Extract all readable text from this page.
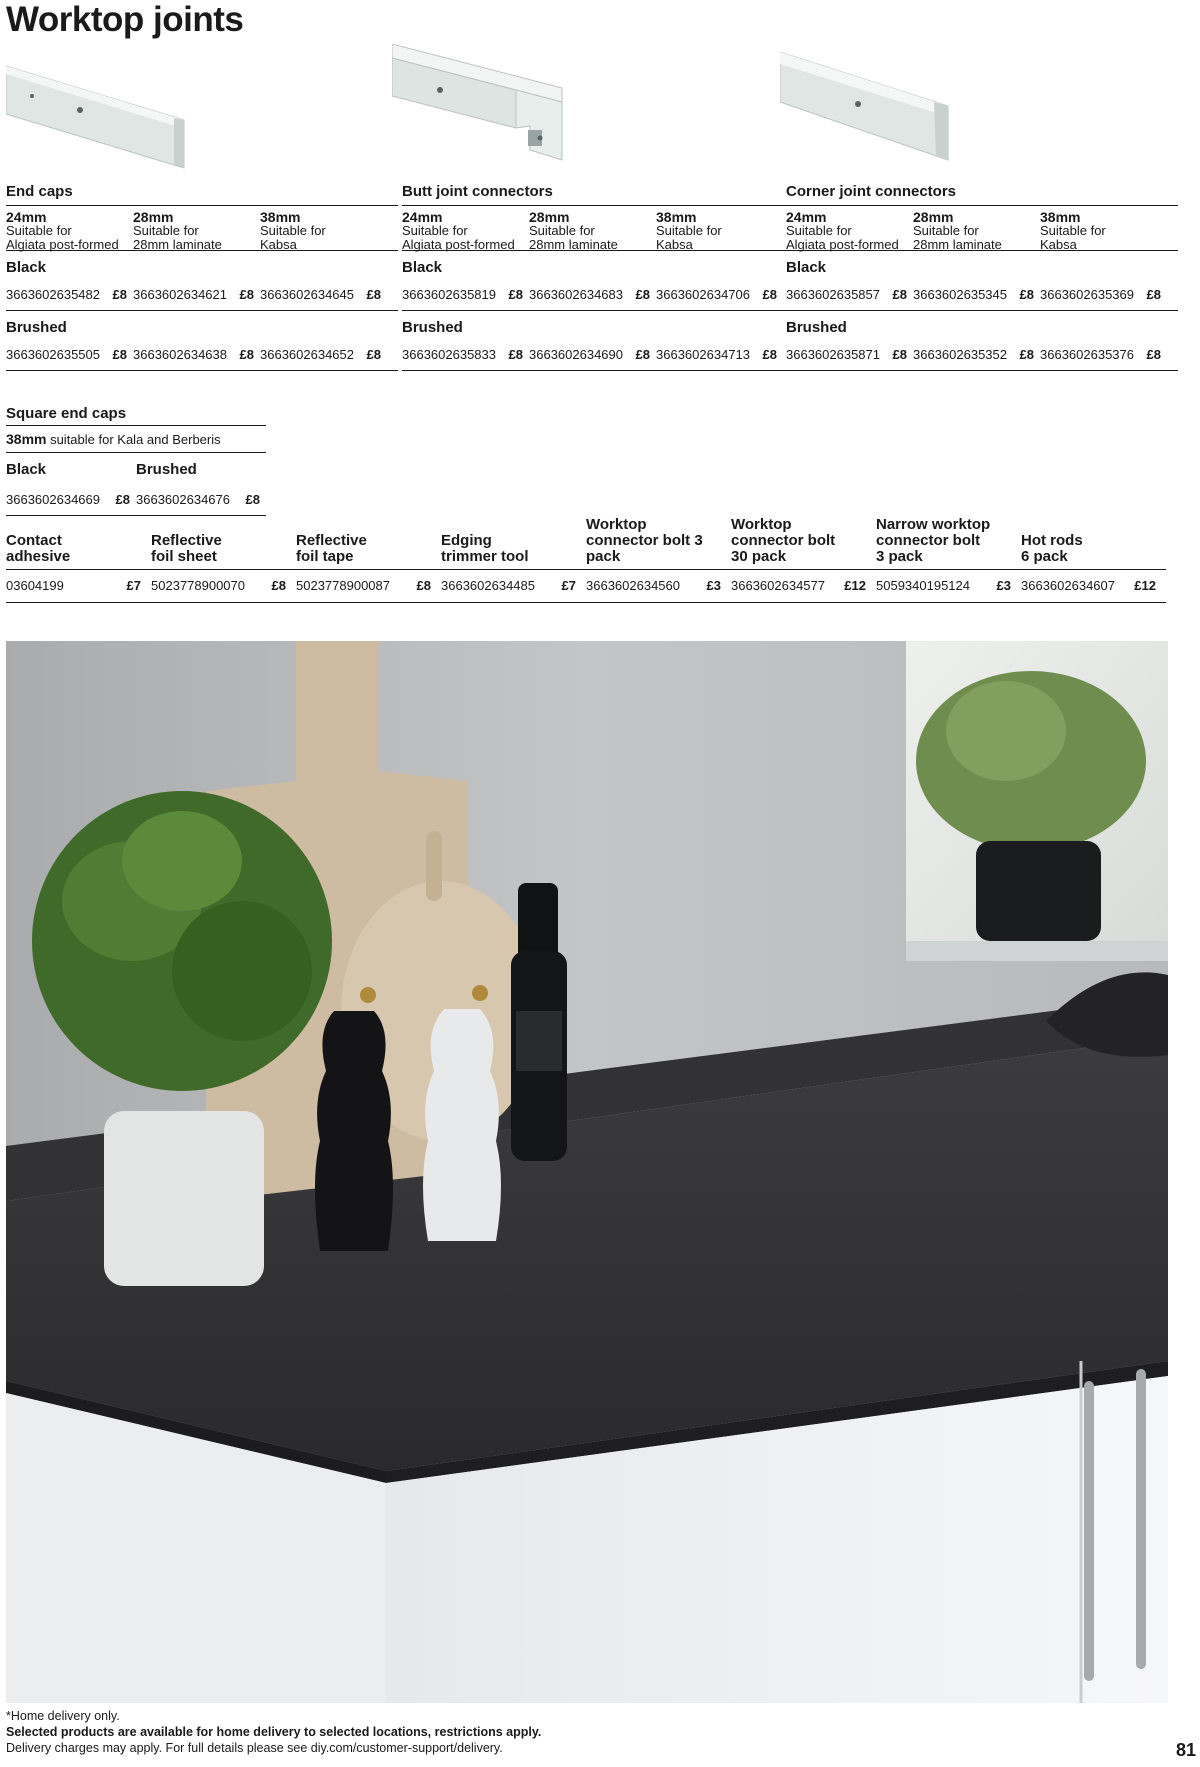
Worktop joints
End caps
24mm
Suitable for
Algiata post-formed
28mm
Suitable for
28mm laminate
38mm
Suitable for
Kabsa
Black
3663602635482 £8 3663602634621 £8 3663602634645 £8
Brushed
3663602635505 £8 3663602634638 £8 3663602634652 £8
Butt joint connectors
24mm
Suitable for
Algiata post-formed
28mm
Suitable for
28mm laminate
38mm
Suitable for
Kabsa
Black
3663602635819 £8 3663602634683 £8 3663602634706 £8
Brushed
3663602635833 £8 3663602634690 £8 3663602634713 £8
Corner joint connectors
24mm
Suitable for
Algiata post-formed
28mm
Suitable for
28mm laminate
38mm
Suitable for
Kabsa
Black
3663602635857 £8 3663602635345 £8 3663602635369 £8
Brushed
3663602635871 £8 3663602635352 £8 3663602635376 £8
Square end caps
38mm suitable for Kala and Berberis
Black	Brushed
3663602634669 £8 3663602634676 £8
Contact
adhesive
03604199	£7
Reflective
foil sheet
5023778900070 £8
Reflective
foil tape
5023778900087 £8
Edging
trimmer tool
3663602634485 £7
Worktop
connector bolt 3
pack
3663602634560 £3
Worktop
connector bolt
30 pack
3663602634577 £12
Narrow worktop
connector bolt
3 pack
5059340195124 £3
Hot rods
6 pack
3663602634607 £12
*Home delivery only.
Selected products are available for home delivery to selected locations, restrictions apply.
Delivery charges may apply. For full details please see diy.com/customer-support/delivery.	81
